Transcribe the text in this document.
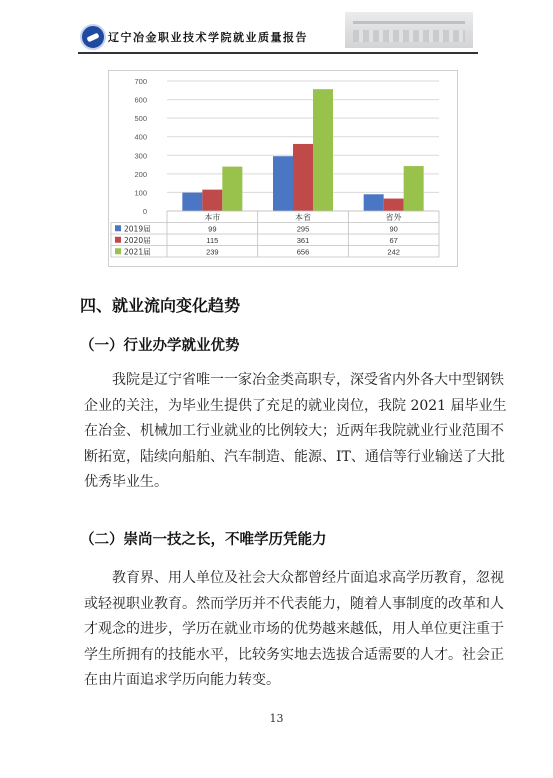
辽宁冶金职业技术学院就业质量报告
0
100
200
300
400
500
600
700
本市	本省	省外
2019届	99	295	90
2020届	115	361	67
2021届	239	656	242
四、就业流向变化趋势
（一）行业办学就业优势
我院是辽宁省唯一一家冶金类高职专，深受省内外各大中型钢铁
企业的关注，为毕业生提供了充足的就业岗位，我院 2021 届毕业生
在冶金、机械加工行业就业的比例较大；近两年我院就业行业范围不
断拓宽，陆续向船舶、汽车制造、能源、IT、通信等行业输送了大批
优秀毕业生。
（二）崇尚一技之长，不唯学历凭能力
教育界、用人单位及社会大众都曾经片面追求高学历教育，忽视
或轻视职业教育。然而学历并不代表能力，随着人事制度的改革和人
才观念的进步，学历在就业市场的优势越来越低，用人单位更注重于
学生所拥有的技能水平，比较务实地去选拔合适需要的人才。社会正
在由片面追求学历向能力转变。
13
